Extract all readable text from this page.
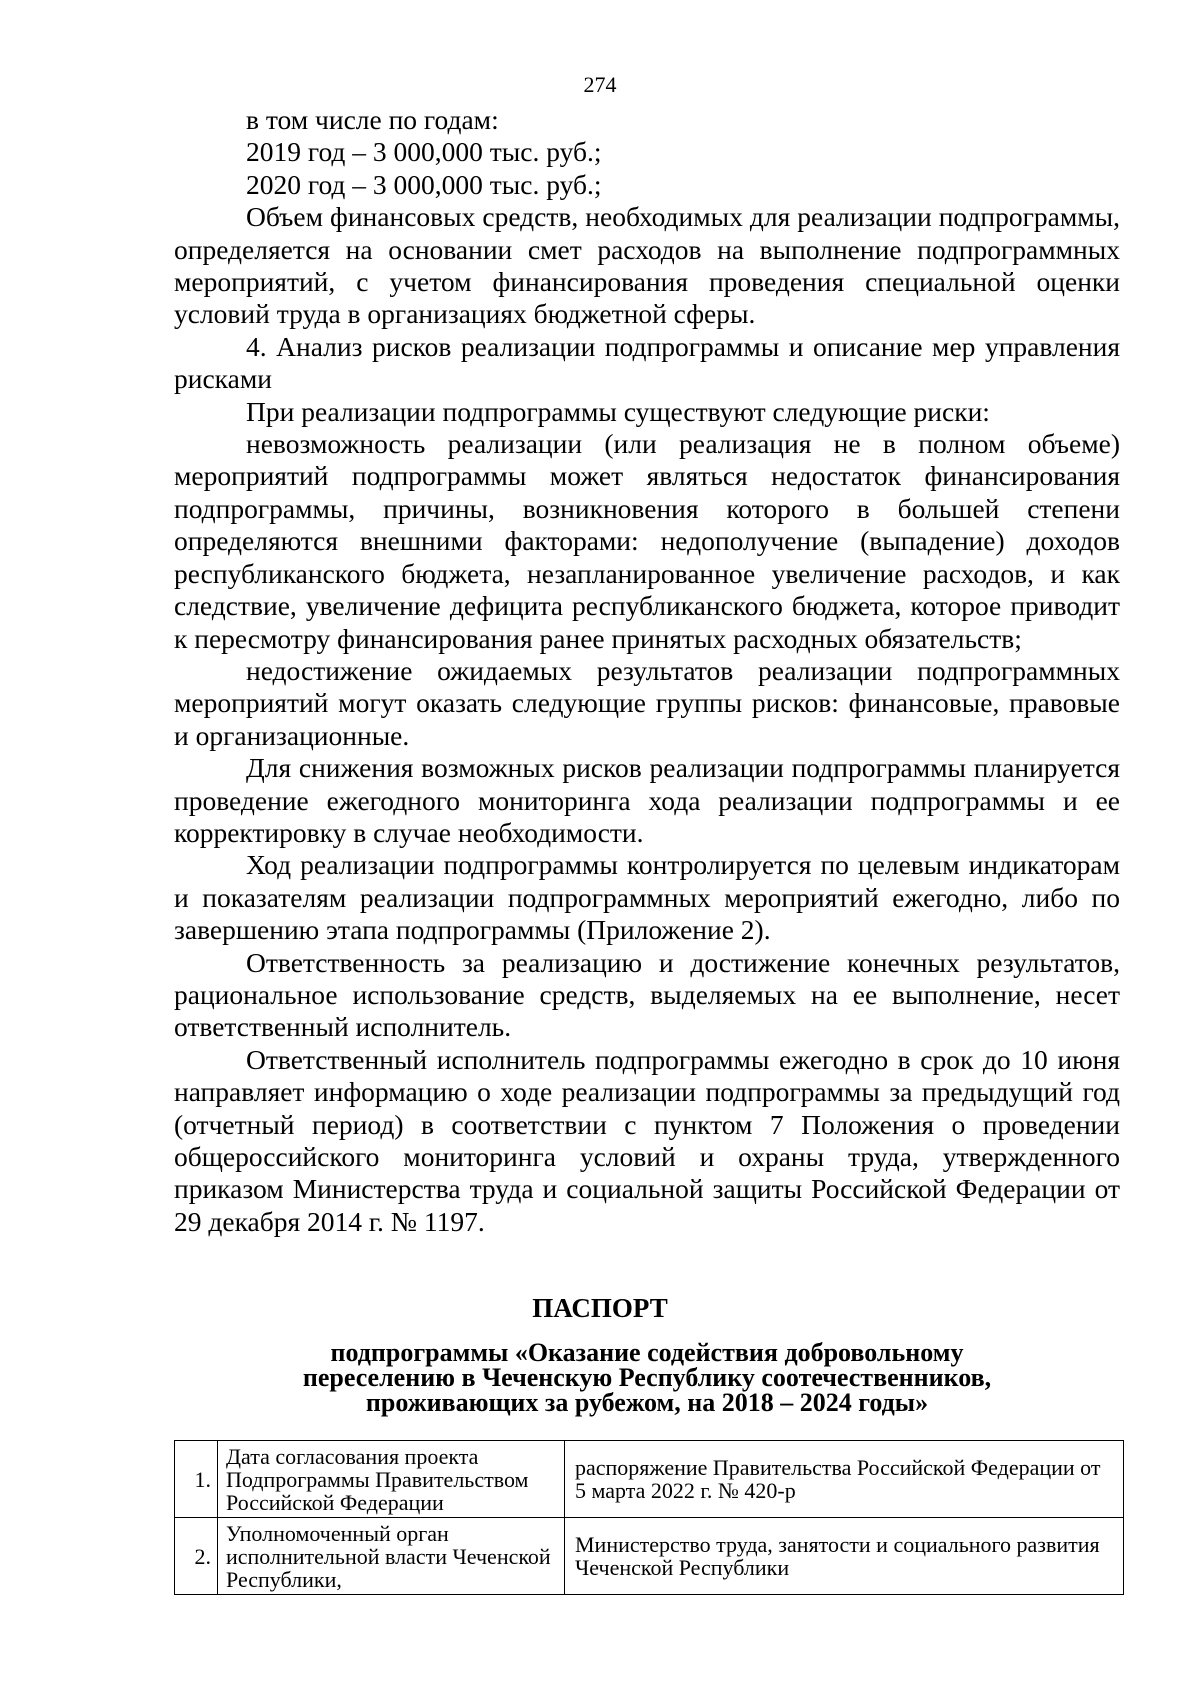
274

в том числе по годам:

2019 год – 3 000,000 тыс. руб.;

2020 год – 3 000,000 тыс. руб.;

Объем финансовых средств, необходимых для реализации подпрограммы, определяется на основании смет расходов на выполнение подпрограммных мероприятий, с учетом финансирования проведения специальной оценки условий труда в организациях бюджетной сферы.

4. Анализ рисков реализации подпрограммы и описание мер управления рисками

При реализации подпрограммы существуют следующие риски:

невозможность реализации (или реализация не в полном объеме) мероприятий подпрограммы может являться недостаток финансирования подпрограммы, причины, возникновения которого в большей степени определяются внешними факторами: недополучение (выпадение) доходов республиканского бюджета, незапланированное увеличение расходов, и как следствие, увеличение дефицита республиканского бюджета, которое приводит к пересмотру финансирования ранее принятых расходных обязательств;

недостижение ожидаемых результатов реализации подпрограммных мероприятий могут оказать следующие группы рисков: финансовые, правовые и организационные.

Для снижения возможных рисков реализации подпрограммы планируется проведение ежегодного мониторинга хода реализации подпрограммы и ее корректировку в случае необходимости.

Ход реализации подпрограммы контролируется по целевым индикаторам и показателям реализации подпрограммных мероприятий ежегодно, либо по завершению этапа подпрограммы (Приложение 2).

Ответственность за реализацию и достижение конечных результатов, рациональное использование средств, выделяемых на ее выполнение, несет ответственный исполнитель.

Ответственный исполнитель подпрограммы ежегодно в срок до 10 июня направляет информацию о ходе реализации подпрограммы за предыдущий год (отчетный период) в соответствии с пунктом 7 Положения о проведении общероссийского мониторинга условий и охраны труда, утвержденного приказом Министерства труда и социальной защиты Российской Федерации от 29 декабря 2014 г. № 1197.

ПАСПОРТ
подпрограммы «Оказание содействия добровольному
переселению в Чеченскую Республику соотечественников,
проживающих за рубежом, на 2018 – 2024 годы»
1.	Дата согласования проекта Подпрограммы Правительством Российской Федерации	распоряжение Правительства Российской Федерации от 5 марта 2022 г. № 420-р
2.	Уполномоченный орган исполнительной власти Чеченской Республики,	Министерство труда, занятости и социального развития Чеченской Республики
